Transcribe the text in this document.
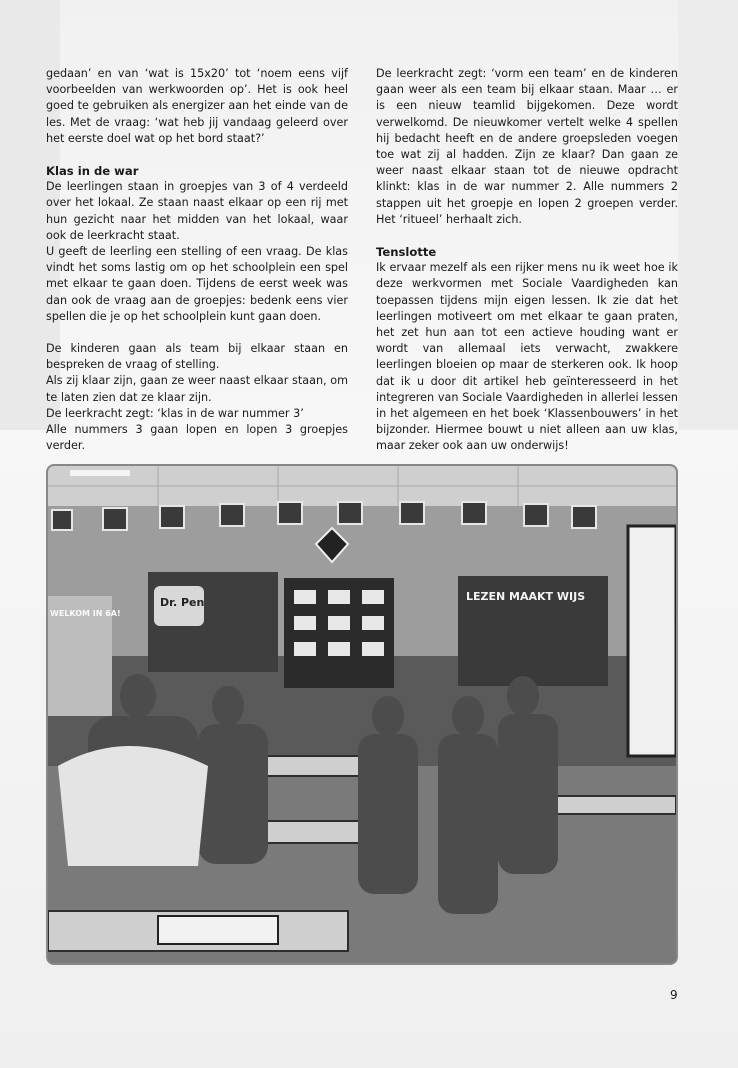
gedaan’ en van ‘wat is 15x20’ tot ‘noem eens vijf voorbeelden van werkwoorden op’. Het is ook heel goed te gebruiken als energizer aan het einde van de les. Met de vraag: ‘wat heb jij vandaag geleerd over het eerste doel wat op het bord staat?’

Klas in de war

De leerlingen staan in groepjes van 3 of 4 verdeeld over het lokaal. Ze staan naast elkaar op een rij met hun gezicht naar het midden van het lokaal, waar ook de leerkracht staat.

U geeft de leerling een stelling of een vraag. De klas vindt het soms lastig om op het schoolplein een spel met elkaar te gaan doen. Tijdens de eerst week was dan ook de vraag aan de groepjes: bedenk eens vier spellen die je op het schoolplein kunt gaan doen.

De kinderen gaan als team bij elkaar staan en bespreken de vraag of stelling.

Als zij klaar zijn, gaan ze weer naast elkaar staan, om te laten zien dat ze klaar zijn.

De leerkracht zegt: ‘klas in de war nummer 3’

Alle nummers 3 gaan lopen en lopen 3 groepjes verder.

De leerkracht zegt: ‘vorm een team’ en de kinderen gaan weer als een team bij elkaar staan. Maar … er is een nieuw teamlid bijgekomen. Deze wordt verwelkomd. De nieuwkomer vertelt welke 4 spellen hij bedacht heeft en de andere groepsleden voegen toe wat zij al hadden. Zijn ze klaar? Dan gaan ze weer naast elkaar staan tot de nieuwe opdracht klinkt: klas in de war nummer 2. Alle nummers 2 stappen uit het groepje en lopen 2 groepen verder. Het ‘ritueel’ herhaalt zich.

Tenslotte

Ik ervaar mezelf als een rijker mens nu ik weet hoe ik deze werkvormen met Sociale Vaardigheden kan toepassen tijdens mijn eigen lessen. Ik zie dat het leerlingen motiveert om met elkaar te gaan praten, het zet hun aan tot een actieve houding want er wordt van allemaal iets verwacht, zwakkere leerlingen bloeien op maar de sterkeren ook. Ik hoop dat ik u door dit artikel heb geïnteresseerd in het integreren van Sociale Vaardigheden in allerlei lessen in het algemeen en het boek ‘Klassenbouwers’ in het bijzonder. Hiermee bouwt u niet alleen aan uw klas, maar zeker ook aan uw onderwijs!

Dr. Pen	LEZEN MAAKT WIJS
WELKOM IN 6A!
9
